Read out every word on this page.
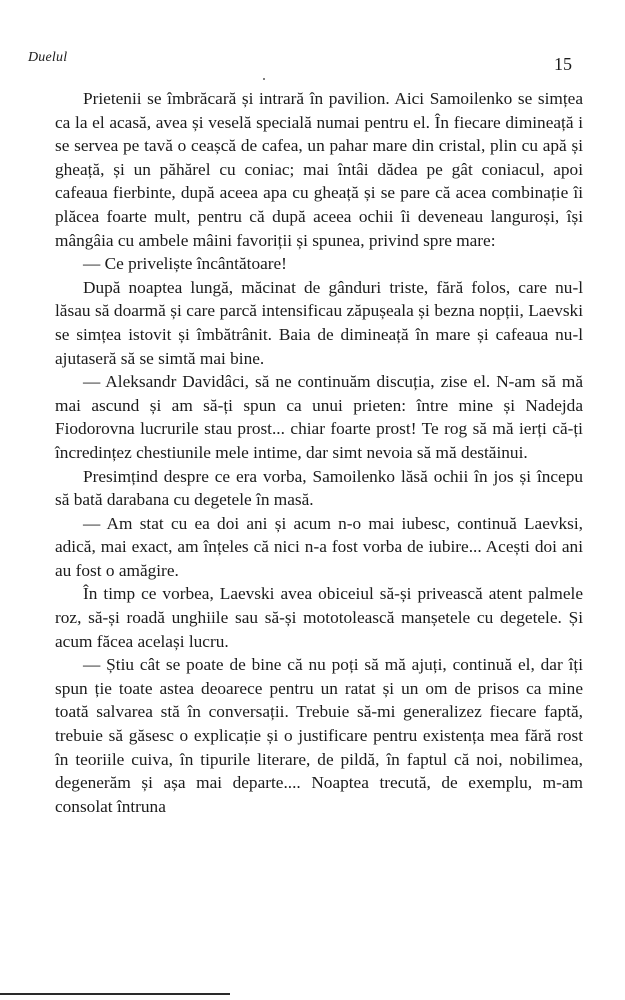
Duelul	15

Prietenii se îmbrăcară și intrară în pavilion. Aici Samoilenko se simțea ca la el acasă, avea și veselă specială numai pentru el. În fiecare dimineață i se servea pe tavă o ceașcă de cafea, un pahar mare din cristal, plin cu apă și gheață, și un păhărel cu coniac; mai întâi dădea pe gât coniacul, apoi cafeaua fierbinte, după aceea apa cu gheață și se pare că acea combinație îi plăcea foarte mult, pentru că după aceea ochii îi deveneau languroși, își mângâia cu ambele mâini favoriții și spunea, privind spre mare:

— Ce priveliște încântătoare!

După noaptea lungă, măcinat de gânduri triste, fără folos, care nu-l lăsau să doarmă și care parcă intensificau zăpușeala și bezna nopții, Laevski se simțea istovit și îmbătrânit. Baia de dimineață în mare și cafeaua nu-l ajutaseră să se simtă mai bine.

— Aleksandr Davidâci, să ne continuăm discuția, zise el. N-am să mă mai ascund și am să-ți spun ca unui prieten: între mine și Nadejda Fiodorovna lucrurile stau prost... chiar foarte prost! Te rog să mă ierți că-ți încredințez chestiunile mele intime, dar simt nevoia să mă destăinui.

Presimțind despre ce era vorba, Samoilenko lăsă ochii în jos și începu să bată darabana cu degetele în masă.

— Am stat cu ea doi ani și acum n-o mai iubesc, continuă Laevksi, adică, mai exact, am înțeles că nici n-a fost vorba de iubire... Acești doi ani au fost o amăgire.

În timp ce vorbea, Laevski avea obiceiul să-și privească atent palmele roz, să-și roadă unghiile sau să-și mototolească manșetele cu degetele. Și acum făcea același lucru.

— Știu cât se poate de bine că nu poți să mă ajuți, continuă el, dar îți spun ție toate astea deoarece pentru un ratat și un om de prisos ca mine toată salvarea stă în conversații. Trebuie să-mi generalizez fiecare faptă, trebuie să găsesc o explicație și o justificare pentru existența mea fără rost în teoriile cuiva, în tipurile literare, de pildă, în faptul că noi, nobilimea, degenerăm și așa mai departe.... Noaptea trecută, de exemplu, m-am consolat întruna
